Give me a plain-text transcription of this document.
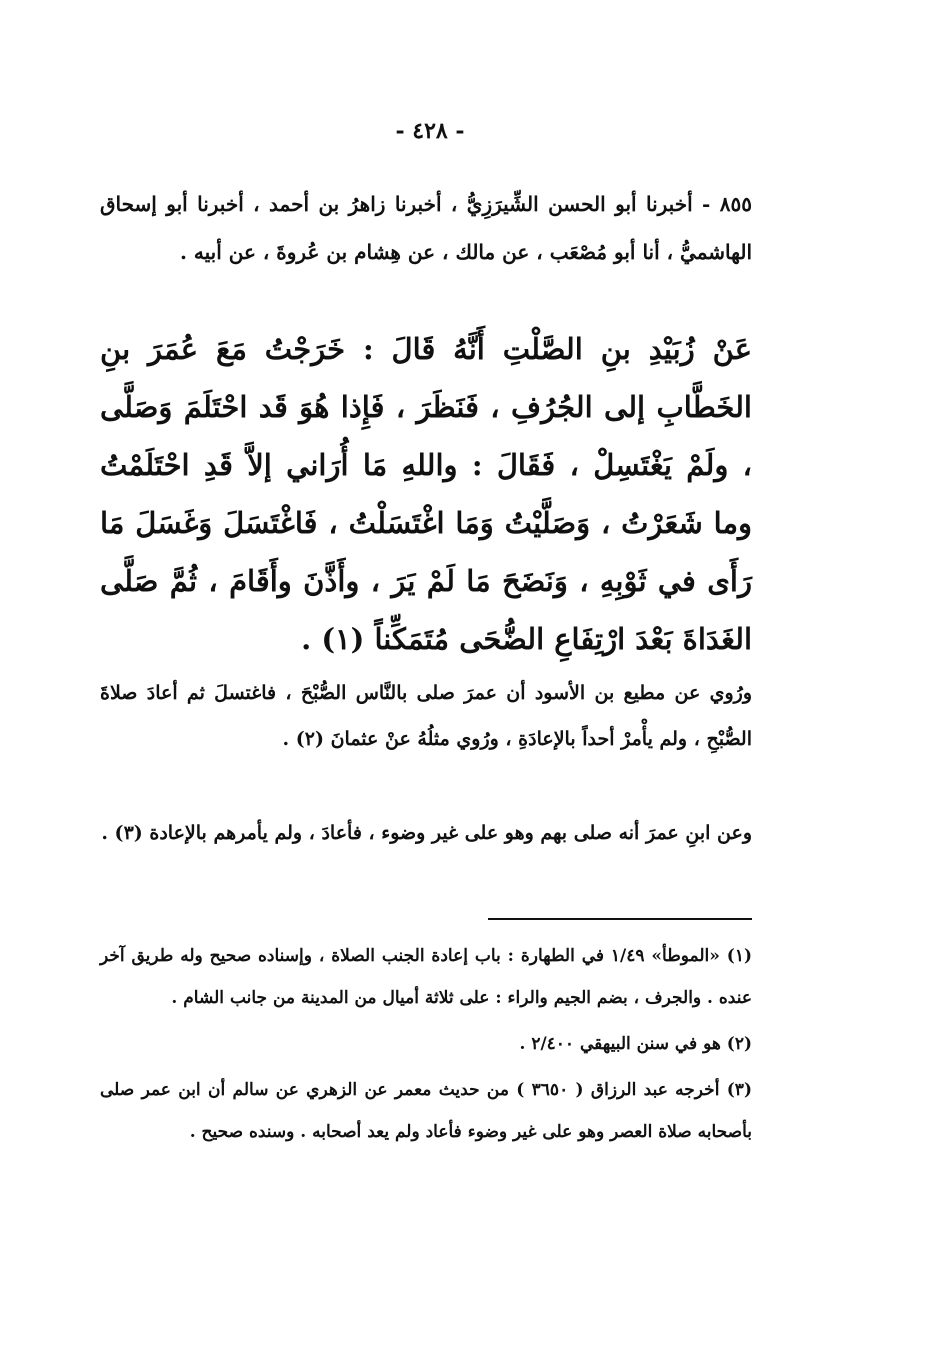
- ٤٢٨ -

٨٥٥ - أخبرنا أبو الحسن الشِّيرَزِيُّ ، أخبرنا زاهرُ بن أحمد ، أخبرنا أبو إسحاق الهاشميُّ ، أنا أبو مُصْعَب ، عن مالك ، عن هِشام بن عُروةَ ، عن أبيه .

عَنْ زُبَيْدِ بنِ الصَّلْتِ أَنَّهُ قَالَ : خَرَجْتُ مَعَ عُمَرَ بنِ الخَطَّابِ إلى الجُرُفِ ، فَنَظَرَ ، فَإِذا هُوَ قَد احْتَلَمَ وَصَلَّى ، ولَمْ يَغْتَسِلْ ، فَقَالَ : واللهِ مَا أُرَاني إلاَّ قَدِ احْتَلَمْتُ وما شَعَرْتُ ، وَصَلَّيْتُ وَمَا اغْتَسَلْتُ ، فَاغْتَسَلَ وَغَسَلَ مَا رَأَى في ثَوْبِهِ ، وَنَضَحَ مَا لَمْ يَرَ ، وأَذَّنَ وأَقَامَ ، ثُمَّ صَلَّى الغَدَاةَ بَعْدَ ارْتِفَاعِ الضُّحَى مُتَمَكِّناً (١) .

ورُوي عن مطيع بن الأسود أن عمرَ صلى بالنَّاس الصُّبْحَ ، فاغتسلَ ثم أعادَ صلاةَ الصُّبْحِ ، ولم يأْمرْ أحداً بالإعادَةِ ، ورُوي مثلُهُ عنْ عثمانَ (٢) .

وعن ابنِ عمرَ أنه صلى بهم وهو على غير وضوء ، فأعادَ ، ولم يأمرهم بالإعادة (٣) .

(١) «الموطأ» ١/٤٩ في الطهارة : باب إعادة الجنب الصلاة ، وإسناده صحيح وله طريق آخر عنده . والجرف ، بضم الجيم والراء : على ثلاثة أميال من المدينة من جانب الشام .

(٢) هو في سنن البيهقي ٢/٤٠٠ .

(٣) أخرجه عبد الرزاق ( ٣٦٥٠ ) من حديث معمر عن الزهري عن سالم أن ابن عمر صلى بأصحابه صلاة العصر وهو على غير وضوء فأعاد ولم يعد أصحابه . وسنده صحيح .
